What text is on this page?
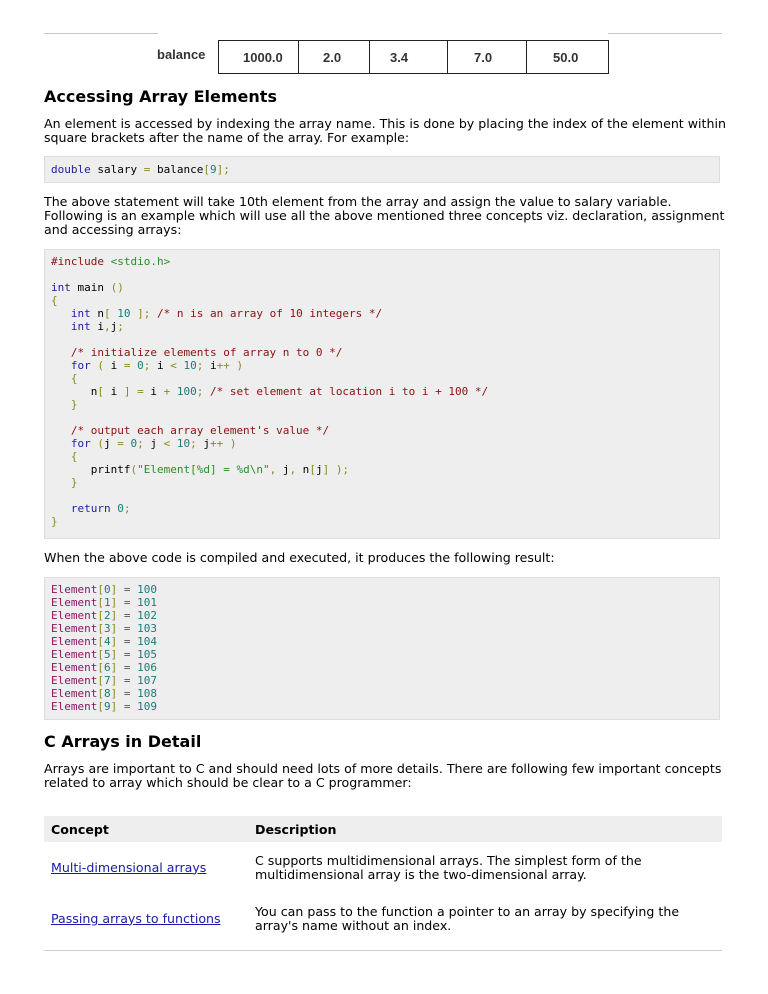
balance	1000.0	2.0	3.4	7.0	50.0
Accessing Array Elements

An element is accessed by indexing the array name. This is done by placing the index of the element within square brackets after the name of the array. For example:

double salary = balance[9];

The above statement will take 10th element from the array and assign the value to salary variable. Following is an example which will use all the above mentioned three concepts viz. declaration, assignment and accessing arrays:

#include <stdio.h>

int main ()
{
int n[ 10 ]; /* n is an array of 10 integers */
int i,j;

/* initialize elements of array n to 0 */
for ( i = 0; i < 10; i++ )
{
n[ i ] = i + 100; /* set element at location i to i + 100 */
}

/* output each array element's value */
for (j = 0; j < 10; j++ )
{
printf("Element[%d] = %d\n", j, n[j] );
}

return 0;
}

When the above code is compiled and executed, it produces the following result:

Element[0] = 100
Element[1] = 101
Element[2] = 102
Element[3] = 103
Element[4] = 104
Element[5] = 105
Element[6] = 106
Element[7] = 107
Element[8] = 108
Element[9] = 109
C Arrays in Detail

Arrays are important to C and should need lots of more details. There are following few important concepts related to array which should be clear to a C programmer:

Concept	Description
Multi-dimensional arrays	C supports multidimensional arrays. The simplest form of the multidimensional array is the two-dimensional array.
Passing arrays to functions	You can pass to the function a pointer to an array by specifying the array's name without an index.
